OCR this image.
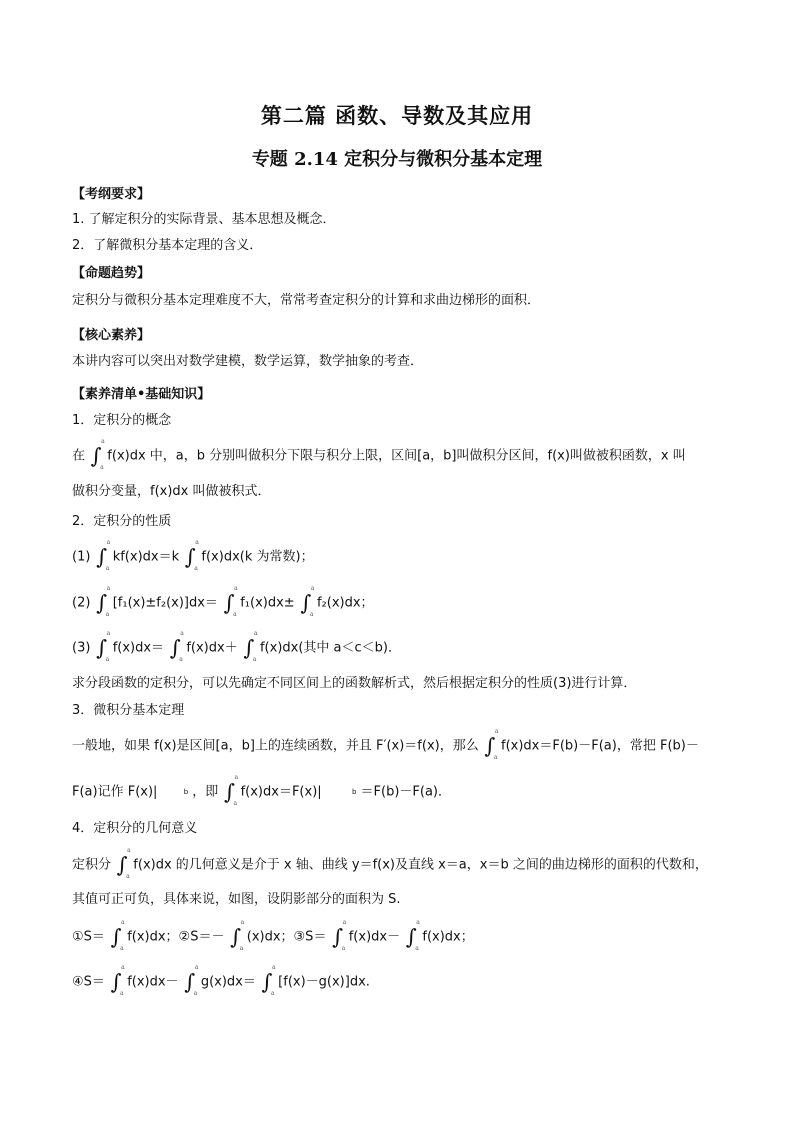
第二篇 函数、导数及其应用
专题 2.14 定积分与微积分基本定理
【考纲要求】
1. 了解定积分的实际背景、基本思想及概念．
2．了解微积分基本定理的含义．
【命题趋势】
定积分与微积分基本定理难度不大，常常考查定积分的计算和求曲边梯形的面积．
【核心素养】
本讲内容可以突出对数学建模，数学运算，数学抽象的考查．
【素养清单•基础知识】
1．定积分的概念
在 ∫
a
a
f(x)dx 中，a，b 分别叫做积分下限与积分上限，区间[a，b]叫做积分区间，f(x)叫做被积函数，x 叫
做积分变量，f(x)dx 叫做被积式．
2．定积分的性质
(1) ∫
a
a
kf(x)dx＝k ∫
a
a
f(x)dx(k 为常数)；
(2) ∫
a
a
[f₁(x)±f₂(x)]dx＝ ∫
a
a
f₁(x)dx± ∫
a
a
f₂(x)dx；
(3) ∫
a
a
f(x)dx＝ ∫
a
a
f(x)dx＋ ∫
a
a
f(x)dx(其中 a＜c＜b)．
求分段函数的定积分，可以先确定不同区间上的函数解析式，然后根据定积分的性质(3)进行计算．
3．微积分基本定理
一般地，如果 f(x)是区间[a，b]上的连续函数，并且 F′(x)＝f(x)，那么 ∫
a
a
f(x)dx＝F(b)－F(a)，常把 F(b)－
F(a)记作 F(x)|	$^b$ ，即 ∫
a
a
f(x)dx＝F(x)|	$^b$ ＝F(b)－F(a)．
4．定积分的几何意义
定积分 ∫
a
a
f(x)dx 的几何意义是介于 x 轴、曲线 y＝f(x)及直线 x＝a，x＝b 之间的曲边梯形的面积的代数和，
其值可正可负，具体来说，如图，设阴影部分的面积为 S.
①S＝ ∫
a
a
f(x)dx；②S＝－ ∫
a
a
(x)dx；③S＝ ∫
a
a
f(x)dx－ ∫
a
a
f(x)dx；
④S＝ ∫
a
a
f(x)dx－ ∫
a
a
g(x)dx＝ ∫
a
a
[f(x)－g(x)]dx.
